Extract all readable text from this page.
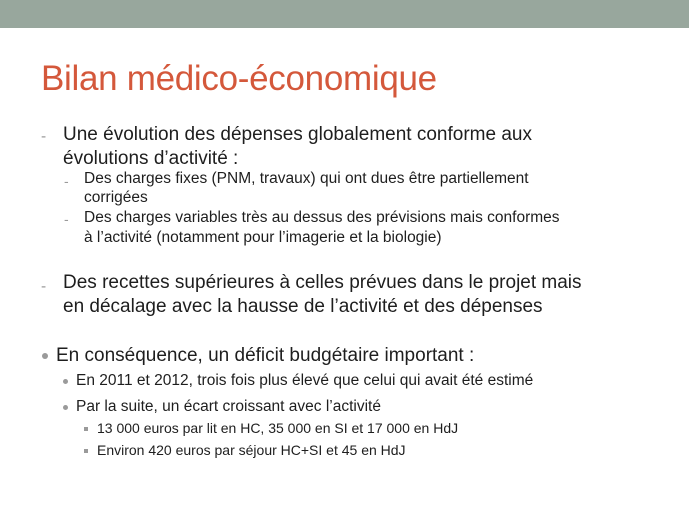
Bilan médico-économique
- Une évolution des dépenses globalement conforme aux
évolutions d’activité :
- Des charges fixes (PNM, travaux) qui ont dues être partiellement
corrigées
- Des charges variables très au dessus des prévisions mais conformes
à l’activité (notamment pour l’imagerie et la biologie)
- Des recettes supérieures à celles prévues dans le projet mais
en décalage avec la hausse de l’activité et des dépenses
En conséquence, un déficit budgétaire important :
En 2011 et 2012, trois fois plus élevé que celui qui avait été estimé
Par la suite, un écart croissant avec l’activité
13 000 euros par lit en HC, 35 000 en SI et 17 000 en HdJ
Environ 420 euros par séjour HC+SI et 45 en HdJ
